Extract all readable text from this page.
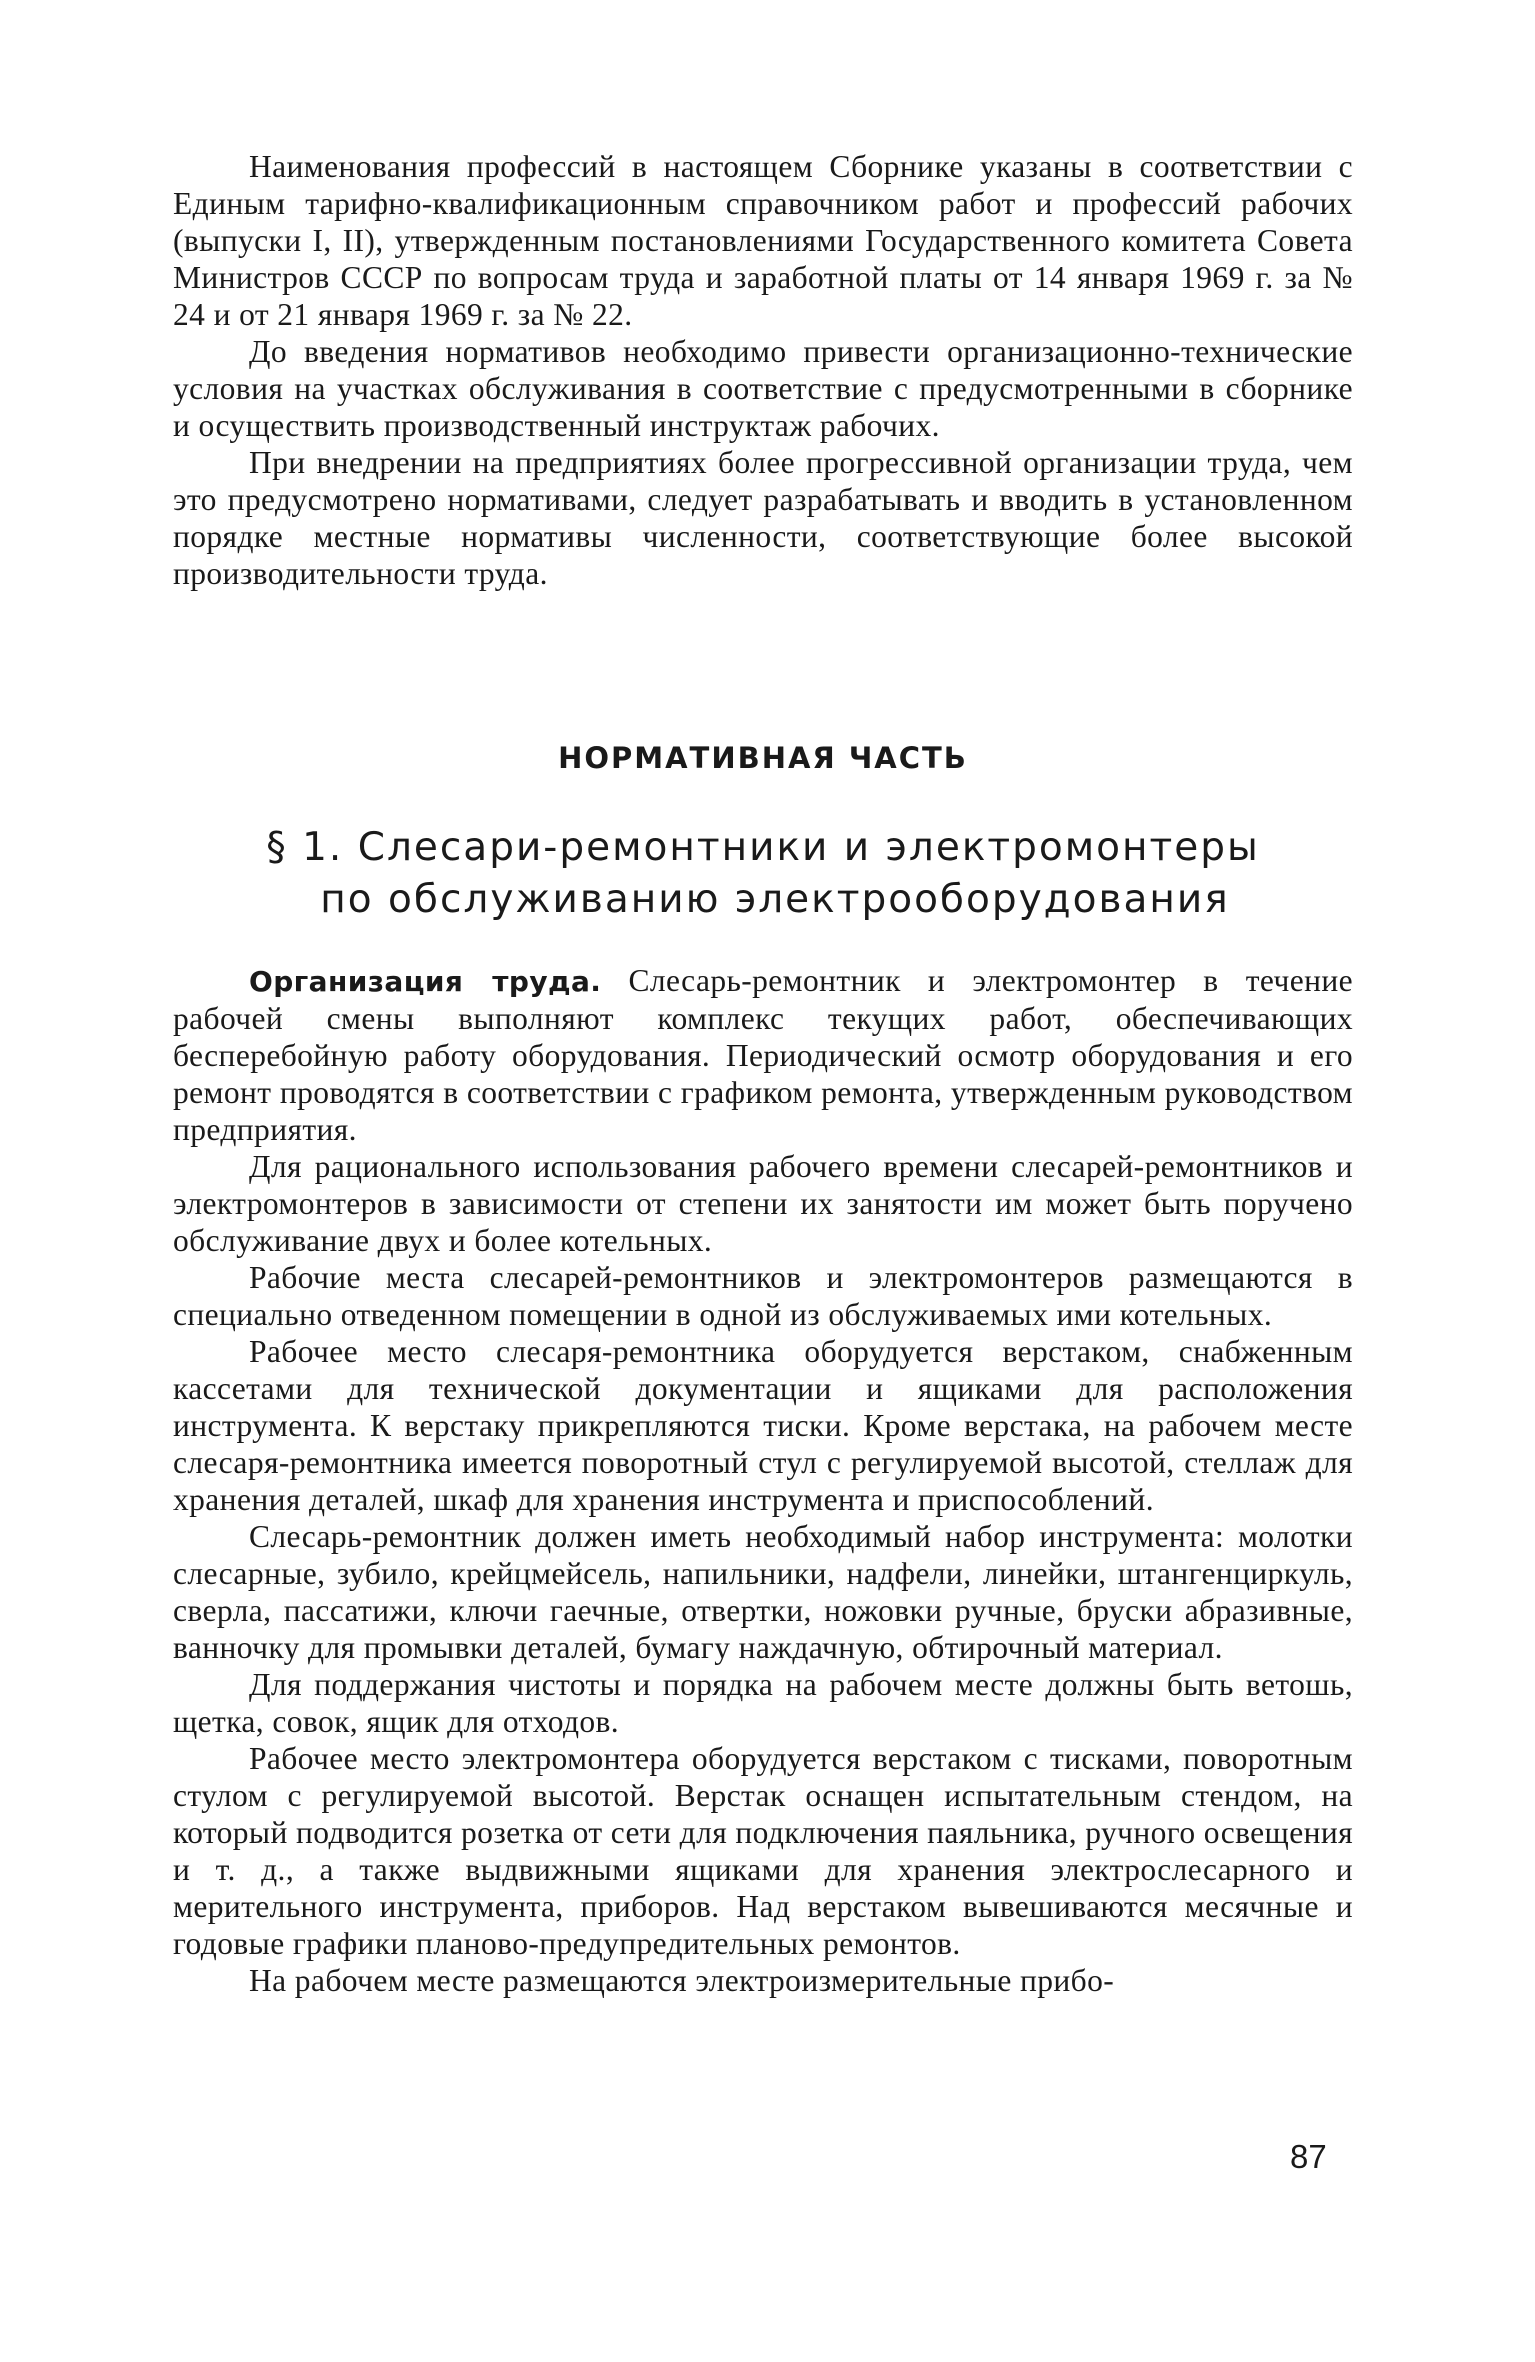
Наименования профессий в настоящем Сборнике указаны в соответствии с Единым тарифно-квалификационным справочником работ и профессий рабочих (выпуски I, II), утвержденным постановлениями Государственного комитета Совета Министров СССР по вопросам труда и заработной платы от 14 января 1969 г. за № 24 и от 21 января 1969 г. за № 22.

До введения нормативов необходимо привести организационно-технические условия на участках обслуживания в соответствие с предусмотренными в сборнике и осуществить производственный инструктаж рабочих.

При внедрении на предприятиях более прогрессивной организации труда, чем это предусмотрено нормативами, следует разрабатывать и вводить в установленном порядке местные нормативы численности, соответствующие более высокой производительности труда.

НОРМАТИВНАЯ ЧАСТЬ
§ 1. Слесари-ремонтники и электромонтеры
по обслуживанию электрооборудования

Организация труда. Слесарь-ремонтник и электромонтер в течение рабочей смены выполняют комплекс текущих работ, обеспечивающих бесперебойную работу оборудования. Периодический осмотр оборудования и его ремонт проводятся в соответствии с графиком ремонта, утвержденным руководством предприятия.

Для рационального использования рабочего времени слесарей-ремонтников и электромонтеров в зависимости от степени их занятости им может быть поручено обслуживание двух и более котельных.

Рабочие места слесарей-ремонтников и электромонтеров размещаются в специально отведенном помещении в одной из обслуживаемых ими котельных.

Рабочее место слесаря-ремонтника оборудуется верстаком, снабженным кассетами для технической документации и ящиками для расположения инструмента. К верстаку прикрепляются тиски. Кроме верстака, на рабочем месте слесаря-ремонтника имеется поворотный стул с регулируемой высотой, стеллаж для хранения деталей, шкаф для хранения инструмента и приспособлений.

Слесарь-ремонтник должен иметь необходимый набор инструмента: молотки слесарные, зубило, крейцмейсель, напильники, надфели, линейки, штангенциркуль, сверла, пассатижи, ключи гаечные, отвертки, ножовки ручные, бруски абразивные, ванночку для промывки деталей, бумагу наждачную, обтирочный материал.

Для поддержания чистоты и порядка на рабочем месте должны быть ветошь, щетка, совок, ящик для отходов.

Рабочее место электромонтера оборудуется верстаком с тисками, поворотным стулом с регулируемой высотой. Верстак оснащен испытательным стендом, на который подводится розетка от сети для подключения паяльника, ручного освещения и т. д., а также выдвижными ящиками для хранения электрослесарного и мерительного инструмента, приборов. Над верстаком вывешиваются месячные и годовые графики планово-предупредительных ремонтов.

На рабочем месте размещаются электроизмерительные прибо-

87
